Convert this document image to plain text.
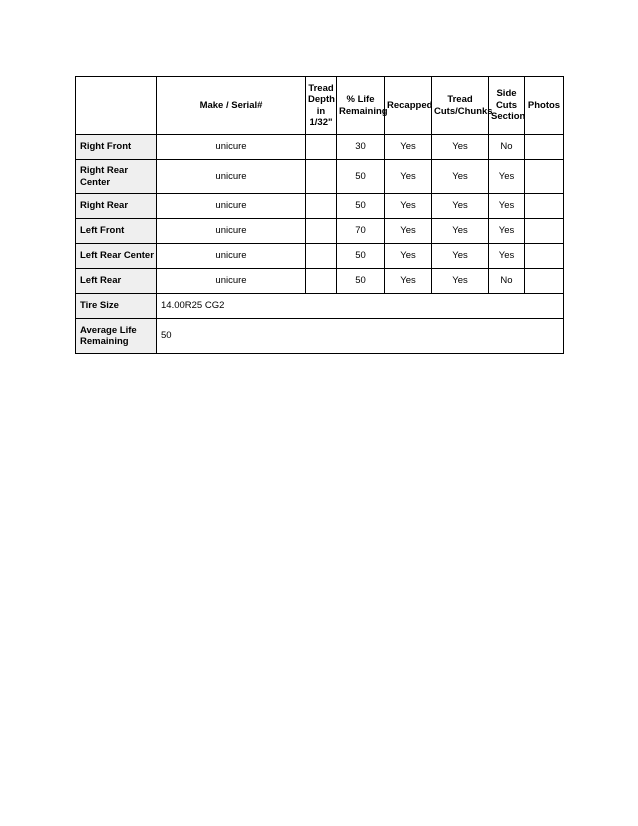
	Make / Serial#	Tread Depth in 1/32"	% Life Remaining	Recapped	Tread Cuts/Chunks	Side Cuts Section	Photos
Right Front	unicure		30	Yes	Yes	No	
Right Rear Center	unicure		50	Yes	Yes	Yes	
Right Rear	unicure		50	Yes	Yes	Yes	
Left Front	unicure		70	Yes	Yes	Yes	
Left Rear Center	unicure		50	Yes	Yes	Yes	
Left Rear	unicure		50	Yes	Yes	No	
Tire Size	14.00R25 CG2						
Average Life Remaining	50						
